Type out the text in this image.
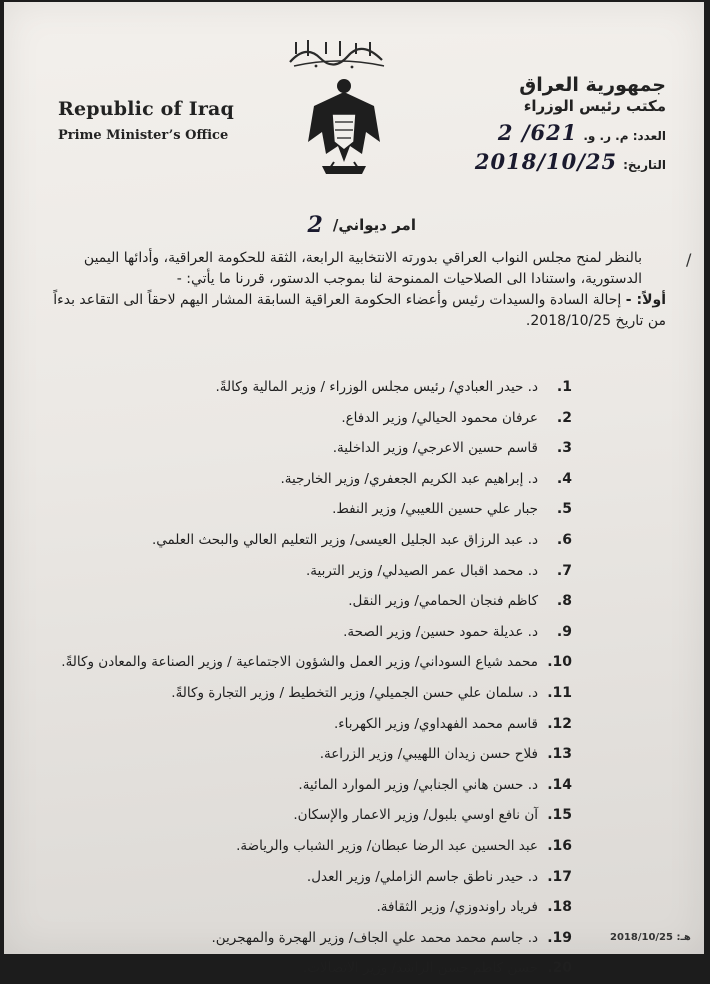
Republic of Iraq
Prime Minister’s Office
جمهورية العراق
مكتب رئيس الوزراء
العدد: م. ر. و.
2 /621
التاريخ:
2018/10/25
امر ديواني/
2
/

بالنظر لمنح مجلس النواب العراقي بدورته الانتخابية الرابعة، الثقة للحكومة العراقية، وأدائها اليمين الدستورية، واستنادا الى الصلاحيات الممنوحة لنا بموجب الدستور، قررنا ما يأتي: -

أولاً: - إحالة السادة والسيدات رئيس وأعضاء الحكومة العراقية السابقة المشار اليهم لاحقاً الى التقاعد بدءاً من تاريخ 2018/10/25.

1.
د. حيدر العبادي/ رئيس مجلس الوزراء / وزير المالية وكالةً.
2.
عرفان محمود الحيالي/ وزير الدفاع.
3.
قاسم حسين الاعرجي/ وزير الداخلية.
4.
د. إبراهيم عبد الكريم الجعفري/ وزير الخارجية.
5.
جبار علي حسين اللعيبي/ وزير النفط.
6.
د. عبد الرزاق عبد الجليل العيسى/ وزير التعليم العالي والبحث العلمي.
7.
د. محمد اقبال عمر الصيدلي/ وزير التربية.
8.
كاظم فنجان الحمامي/ وزير النقل.
9.
د. عديلة حمود حسين/ وزير الصحة.
10.
محمد شياع السوداني/ وزير العمل والشؤون الاجتماعية / وزير الصناعة والمعادن وكالةً.
11.
د. سلمان علي حسن الجميلي/ وزير التخطيط / وزير التجارة وكالةً.
12.
قاسم محمد الفهداوي/ وزير الكهرباء.
13.
فلاح حسن زيدان اللهيبي/ وزير الزراعة.
14.
د. حسن هاني الجنابي/ وزير الموارد المائية.
15.
آن نافع اوسي بلبول/ وزير الاعمار والإسكان.
16.
عبد الحسين عبد الرضا عبطان/ وزير الشباب والرياضة.
17.
د. حيدر ناطق جاسم الزاملي/ وزير العدل.
18.
فرياد راوندوزي/ وزير الثقافة.
19.
د. جاسم محمد محمد علي الجاف/ وزير الهجرة والمهجرين.
20.
حسن كاظم حسن الراشد/ وزير الاتصالات.
2018/10/25 :هـ
